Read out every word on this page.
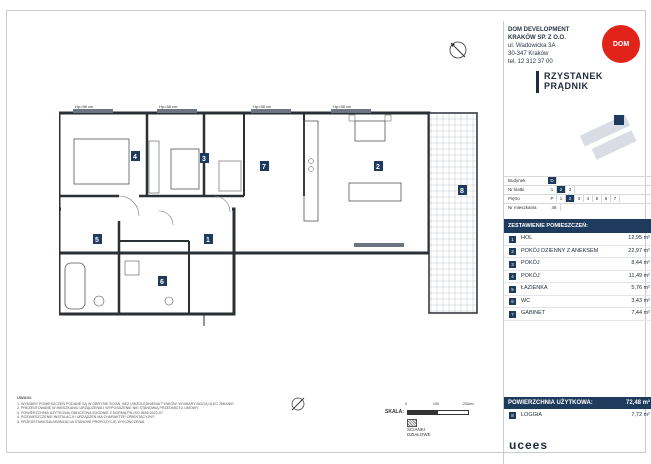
Hp=58 cm	Hp=58 cm	Hp=58 cm	Hp=58 cm
4	3
7	2
8
5	1
6
UWAGI:
1. WYMIARY POMIESZCZEŃ PODANE SĄ W OBRYSIE ŚCIAN, BEZ UWZGLĘDNIENIA TYNKÓW. WYMIARY MOGĄ ULEC ZMIANIE.
2. PREZENTOWANE W MIESZKANIU URZĄDZENIA I WYPOSAŻENIE NIE STANOWIĄ PRZEDMIOTU UMOWY.
3. POWIERZCHNIA UŻYTKOWA OBLICZONA ZGODNIE Z NORMĄ PN-ISO 9836:2022-07.
4. ROZMIESZCZENIE INSTALACJI I URZĄDZEŃ MA CHARAKTER ORIENTACYJNY.
5. PRZEDSTAWIONA ARANŻACJA STANOWI PROPOZYCJĘ WYKOŃCZENIA.
SKALA:
0	100	200cm
ŚCIANKI DZIAŁOWE
DOM DEVELOPMENT
KRAKÓW SP. Z O.O.
ul. Wadowicka 3A
30-347 Kraków
tel. 12 312 37 00
DOM
RZYSTANEK
PRĄDNIK
Budynek	D
Nr klatki	1	2	3
Piętro	P	1	2	3	4	5	6	7
Nr mieszkania	46
ZESTAWIENIE POMIESZCZEŃ:
1	HOL	12,95 m²
2	POKÓJ DZIENNY Z ANEKSEM	22,97 m²
3	POKÓJ	8,44 m²
4	POKÓJ	11,49 m²
5	ŁAZIENKA	5,76 m²
6	WC	3,43 m²
7	GABINET	7,44 m²
POWIERZCHNIA UŻYTKOWA:	72,48 m²
8	LOGGIA	7,72 m²
ucees
